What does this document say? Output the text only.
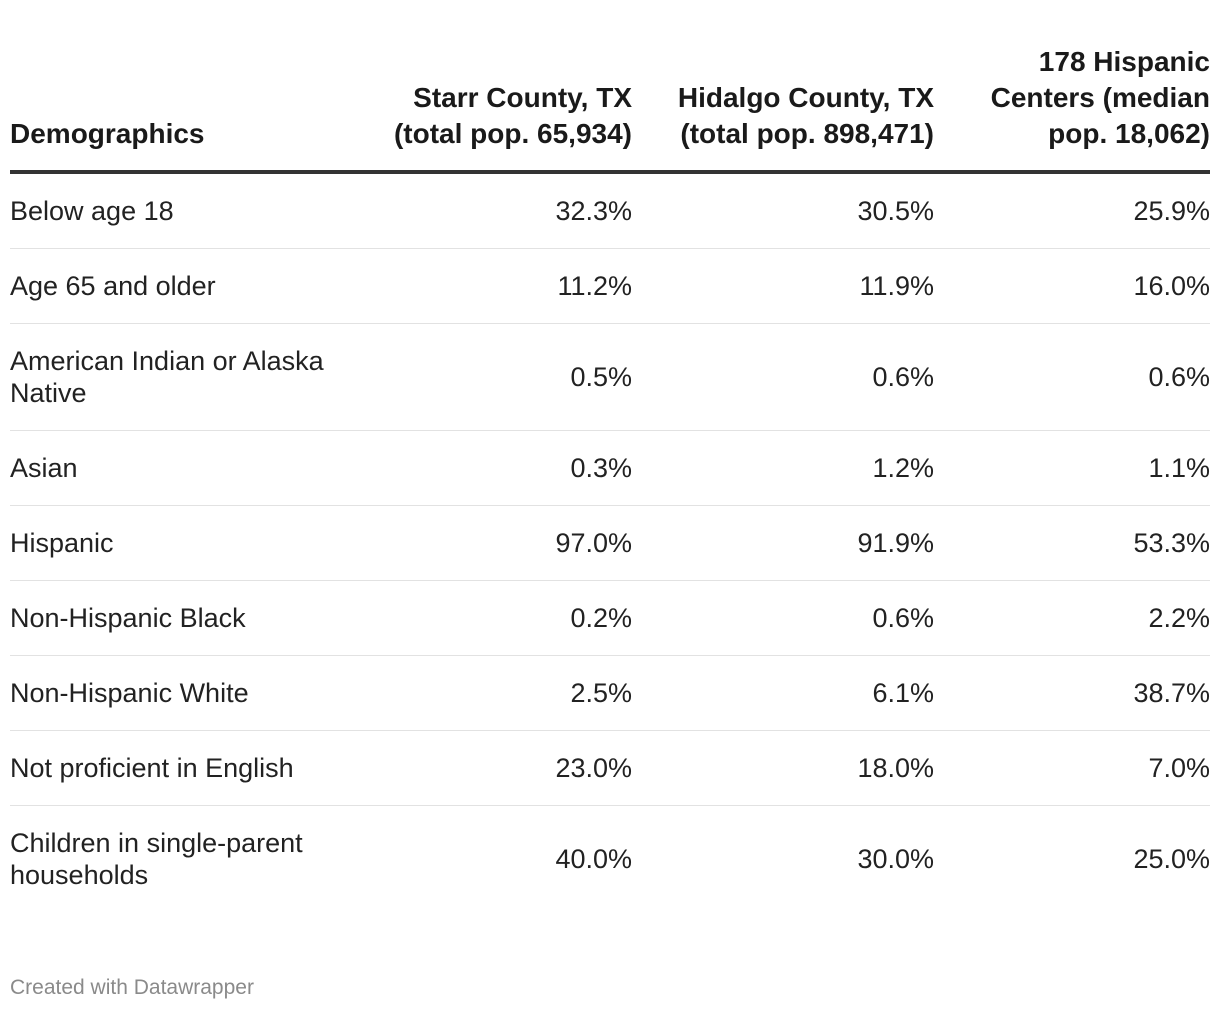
Demographics	Starr County, TX (total pop. 65,934)	Hidalgo County, TX (total pop. 898,471)	178 Hispanic Centers (median pop. 18,062)
Below age 18	32.3%	30.5%	25.9%
Age 65 and older	11.2%	11.9%	16.0%
American Indian or Alaska Native	0.5%	0.6%	0.6%
Asian	0.3%	1.2%	1.1%
Hispanic	97.0%	91.9%	53.3%
Non-Hispanic Black	0.2%	0.6%	2.2%
Non-Hispanic White	2.5%	6.1%	38.7%
Not proficient in English	23.0%	18.0%	7.0%
Children in single-parent households	40.0%	30.0%	25.0%
Created with Datawrapper
